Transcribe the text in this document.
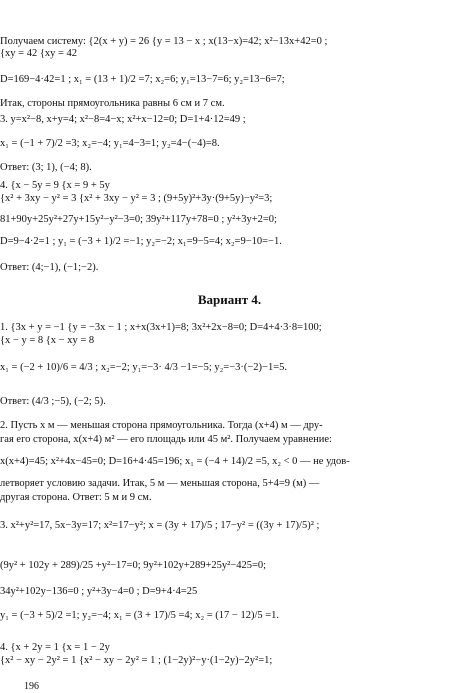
Получаем систему: {2(x + y) = 26 {y = 13 − x ; x(13−x)=42; x²−13x+42=0 ;
{xy = 42 {xy = 42
D=169−4·42=1 ; x₁ = (13 + 1)/2 =7; x₂=6; y₁=13−7=6; y₂=13−6=7;
Итак, стороны прямоугольника равны 6 см и 7 см.
3. y=x²−8, x+y=4; x²−8=4−x; x²+x−12=0; D=1+4·12=49 ;
x₁ = (−1 + 7)/2 =3; x₂=−4; y₁=4−3=1; y₂=4−(−4)=8.
Ответ: (3; 1), (−4; 8).
4. {x − 5y = 9 {x = 9 + 5y
{x² + 3xy − y² = 3 {x² + 3xy − y² = 3 ; (9+5y)²+3y·(9+5y)−y²=3;
81+90y+25y²+27y+15y²−y²−3=0; 39y²+117y+78=0 ; y²+3y+2=0;
D=9−4·2=1 ; y₁ = (−3 + 1)/2 =−1; y₂=−2; x₁=9−5=4; x₂=9−10=−1.
Ответ: (4;−1), (−1;−2).
Вариант 4.
1. {3x + y = −1 {y = −3x − 1 ; x+x(3x+1)=8; 3x²+2x−8=0; D=4+4·3·8=100;
{x − y = 8 {x − xy = 8
x₁ = (−2 + 10)/6 = 4/3 ; x₂=−2; y₁=−3· 4/3 −1=−5; y₂=−3·(−2)−1=5.
Ответ: (4/3 ;−5), (−2; 5).
2. Пусть x м — меньшая сторона прямоугольника. Тогда (x+4) м — дру-
гая его сторона, x(x+4) м² — его площадь или 45 м². Получаем уравнение:
x(x+4)=45; x²+4x−45=0; D=16+4·45=196; x₁ = (−4 + 14)/2 =5, x₂ < 0 — не удов-
летворяет условию задачи. Итак, 5 м — меньшая сторона, 5+4=9 (м) —
другая сторона. Ответ: 5 м и 9 см.
3. x²+y²=17, 5x−3y=17; x²=17−y²; x = (3y + 17)/5 ; 17−y² = ((3y + 17)/5)² ;
(9y² + 102y + 289)/25 +y²−17=0; 9y²+102y+289+25y²−425=0;
34y²+102y−136=0 ; y²+3y−4=0 ; D=9+4·4=25
y₁ = (−3 + 5)/2 =1; y₂=−4; x₁ = (3 + 17)/5 =4; x₂ = (17 − 12)/5 =1.
4. {x + 2y = 1 {x = 1 − 2y
{x² − xy − 2y² = 1 {x² − xy − 2y² = 1 ; (1−2y)²−y·(1−2y)−2y²=1;
196
